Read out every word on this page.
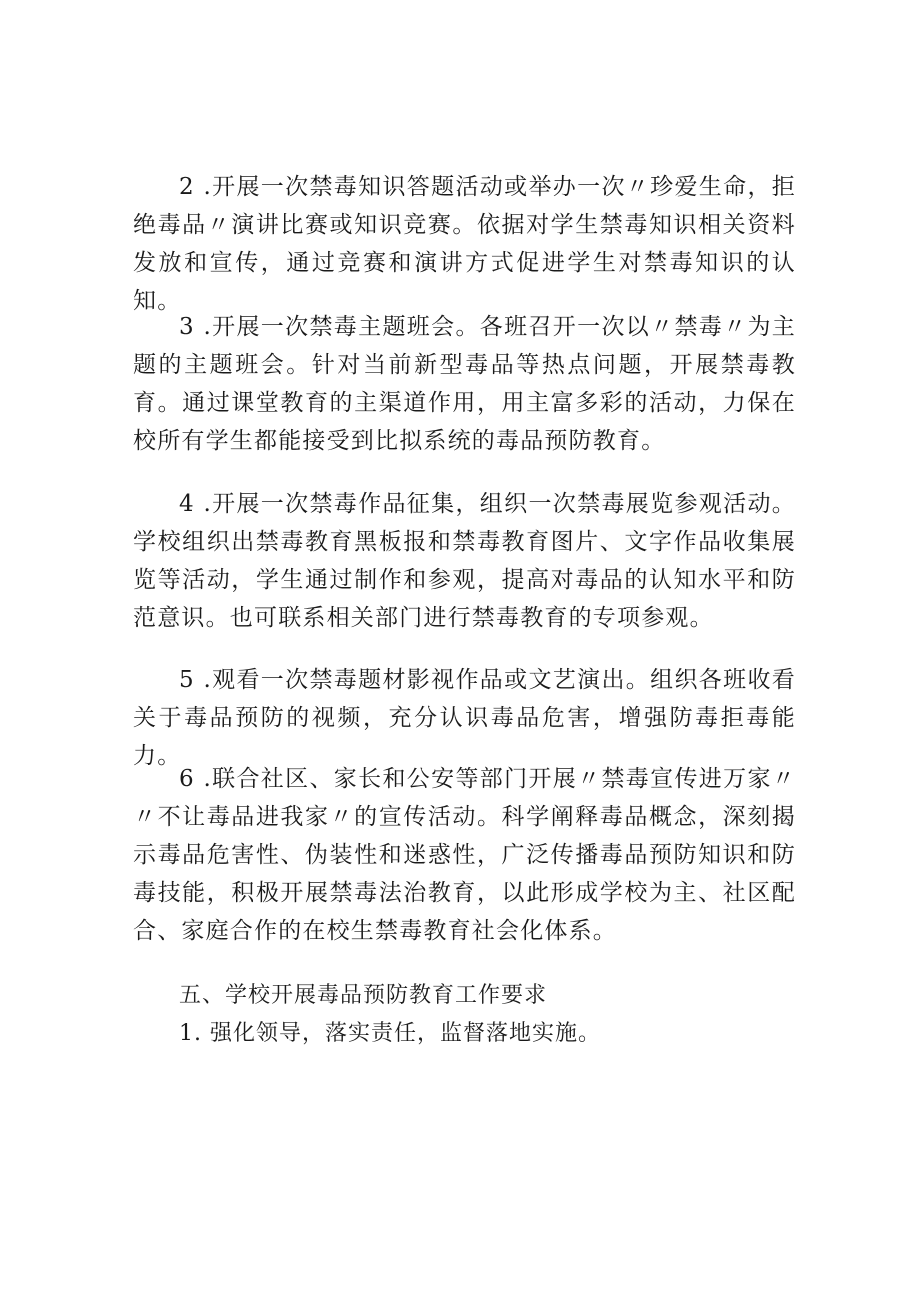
2 .开展一次禁毒知识答题活动或举办一次〃珍爱生命，拒绝毒品〃演讲比赛或知识竞赛。依据对学生禁毒知识相关资料发放和宣传，通过竞赛和演讲方式促进学生对禁毒知识的认知。

3 .开展一次禁毒主题班会。各班召开一次以〃禁毒〃为主题的主题班会。针对当前新型毒品等热点问题，开展禁毒教育。通过课堂教育的主渠道作用，用主富多彩的活动，力保在校所有学生都能接受到比拟系统的毒品预防教育。

4 .开展一次禁毒作品征集，组织一次禁毒展览参观活动。学校组织出禁毒教育黑板报和禁毒教育图片、文字作品收集展览等活动，学生通过制作和参观，提高对毒品的认知水平和防范意识。也可联系相关部门进行禁毒教育的专项参观。

5 .观看一次禁毒题材影视作品或文艺演出。组织各班收看关于毒品预防的视频，充分认识毒品危害，增强防毒拒毒能力。

6 .联合社区、家长和公安等部门开展〃禁毒宣传进万家〃〃不让毒品进我家〃的宣传活动。科学阐释毒品概念，深刻揭示毒品危害性、伪装性和迷惑性，广泛传播毒品预防知识和防毒技能，积极开展禁毒法治教育，以此形成学校为主、社区配合、家庭合作的在校生禁毒教育社会化体系。

五、学校开展毒品预防教育工作要求

1. 强化领导，落实责任，监督落地实施。
